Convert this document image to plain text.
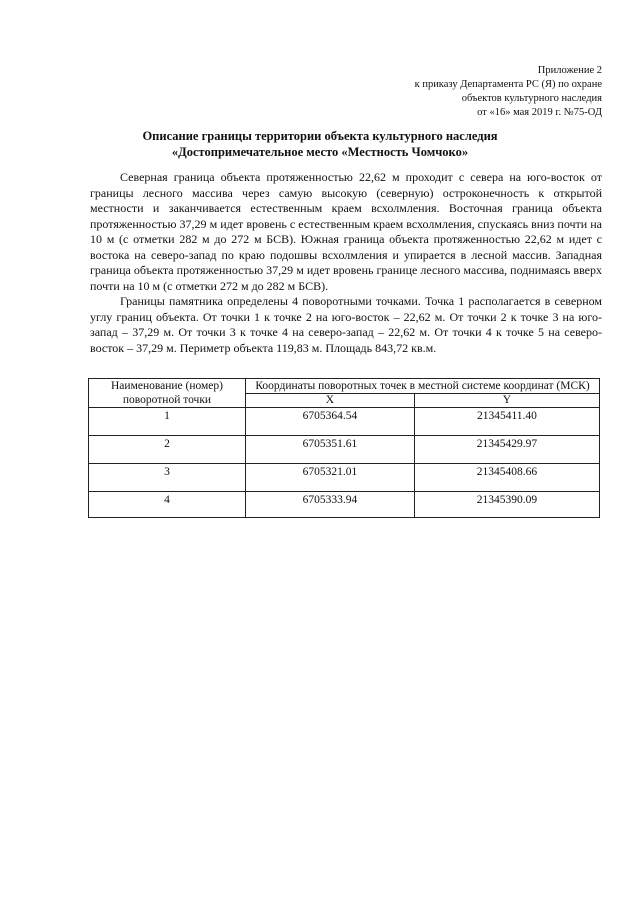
Приложение 2
к приказу Департамента РС (Я) по охране
объектов культурного наследия
от «16» мая 2019 г. №75-ОД
Описание границы территории объекта культурного наследия
«Достопримечательное место «Местность Чомчоко»

Северная граница объекта протяженностью 22,62 м проходит с севера на юго-восток от границы лесного массива через самую высокую (северную) остроконечность к открытой местности и заканчивается естественным краем всхолмления. Восточная граница объекта протяженностью 37,29 м идет вровень с естественным краем всхолмления, спускаясь вниз почти на 10 м (с отметки 282 м до 272 м БСВ). Южная граница объекта протяженностью 22,62 м идет с востока на северо-запад по краю подошвы всхолмления и упирается в лесной массив. Западная граница объекта протяженностью 37,29 м идет вровень границе лесного массива, поднимаясь вверх почти на 10 м (с отметки 272 м до 282 м БСВ).

Границы памятника определены 4 поворотными точками. Точка 1 располагается в северном углу границ объекта. От точки 1 к точке 2 на юго-восток – 22,62 м. От точки 2 к точке 3 на юго-запад – 37,29 м. От точки 3 к точке 4 на северо-запад – 22,62 м. От точки 4 к точке 5 на северо-восток – 37,29 м. Периметр объекта 119,83 м. Площадь 843,72 кв.м.

Наименование (номер) поворотной точки	Координаты поворотных точек в местной системе координат (МСК)	
	X	Y
1	6705364.54	21345411.40
2	6705351.61	21345429.97
3	6705321.01	21345408.66
4	6705333.94	21345390.09
